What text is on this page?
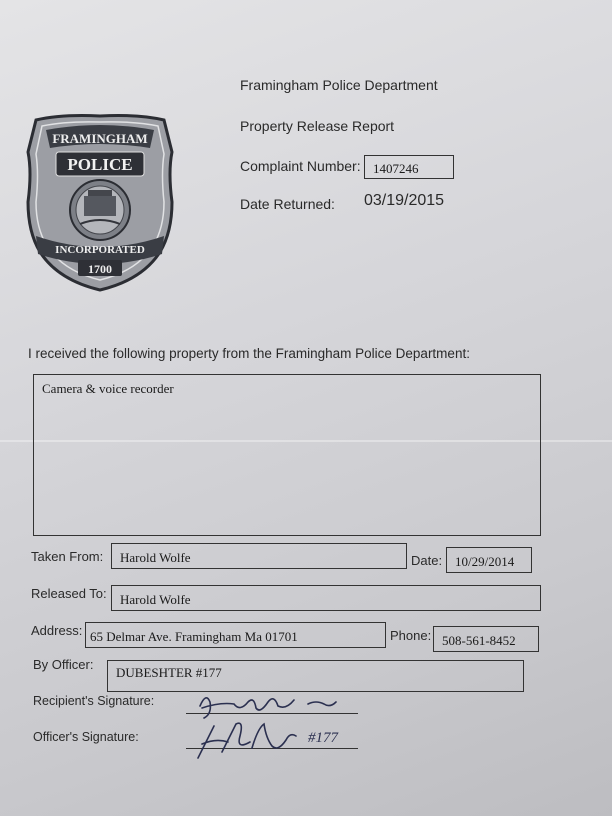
FRAMINGHAM
POLICE
INCORPORATED
1700
Framingham Police Department
Property Release Report
Complaint Number: 1407246
Date Returned: 03/19/2015
I received the following property from the Framingham Police Department:
Camera & voice recorder
Taken From: Harold Wolfe	Date: 10/29/2014
Released To: Harold Wolfe
Address: 65 Delmar Ave. Framingham Ma 01701	Phone: 508-561-8452
By Officer:
DUBESHTER #177
Recipient's Signature:
Officer's Signature:	#177
